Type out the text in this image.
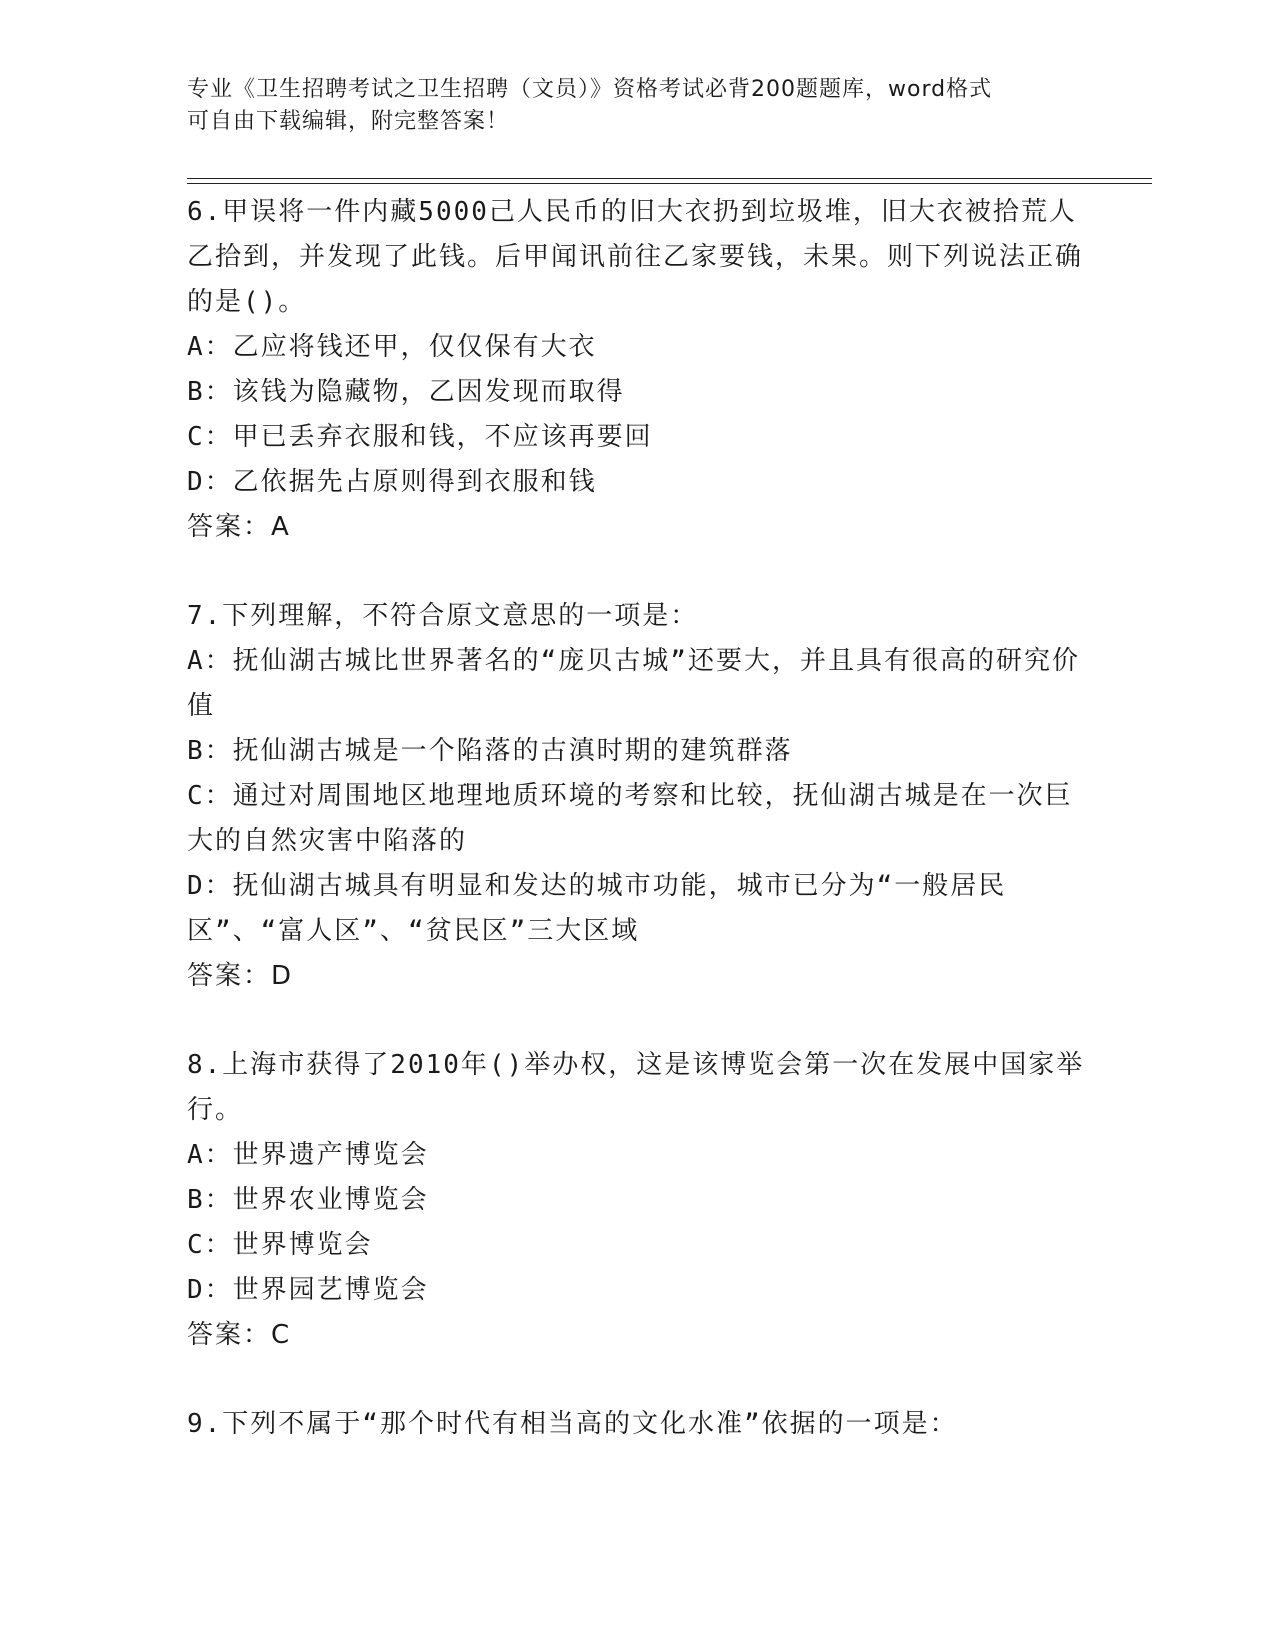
专业《卫生招聘考试之卫生招聘（文员）》资格考试必背200题题库，word格式
可自由下载编辑，附完整答案！

6.甲误将一件内藏5000己人民币的旧大衣扔到垃圾堆，旧大衣被拾荒人乙拾到，并发现了此钱。后甲闻讯前往乙家要钱，未果。则下列说法正确的是()。

A：乙应将钱还甲，仅仅保有大衣

B：该钱为隐藏物，乙因发现而取得

C：甲已丢弃衣服和钱，不应该再要回

D：乙依据先占原则得到衣服和钱

答案：A

7.下列理解，不符合原文意思的一项是：

A：抚仙湖古城比世界著名的“庞贝古城”还要大，并且具有很高的研究价值

B：抚仙湖古城是一个陷落的古滇时期的建筑群落

C：通过对周围地区地理地质环境的考察和比较，抚仙湖古城是在一次巨大的自然灾害中陷落的

D：抚仙湖古城具有明显和发达的城市功能，城市已分为“一般居民区”、“富人区”、“贫民区”三大区域

答案：D

8.上海市获得了2010年()举办权，这是该博览会第一次在发展中国家举行。

A：世界遗产博览会

B：世界农业博览会

C：世界博览会

D：世界园艺博览会

答案：C

9.下列不属于“那个时代有相当高的文化水准”依据的一项是：
